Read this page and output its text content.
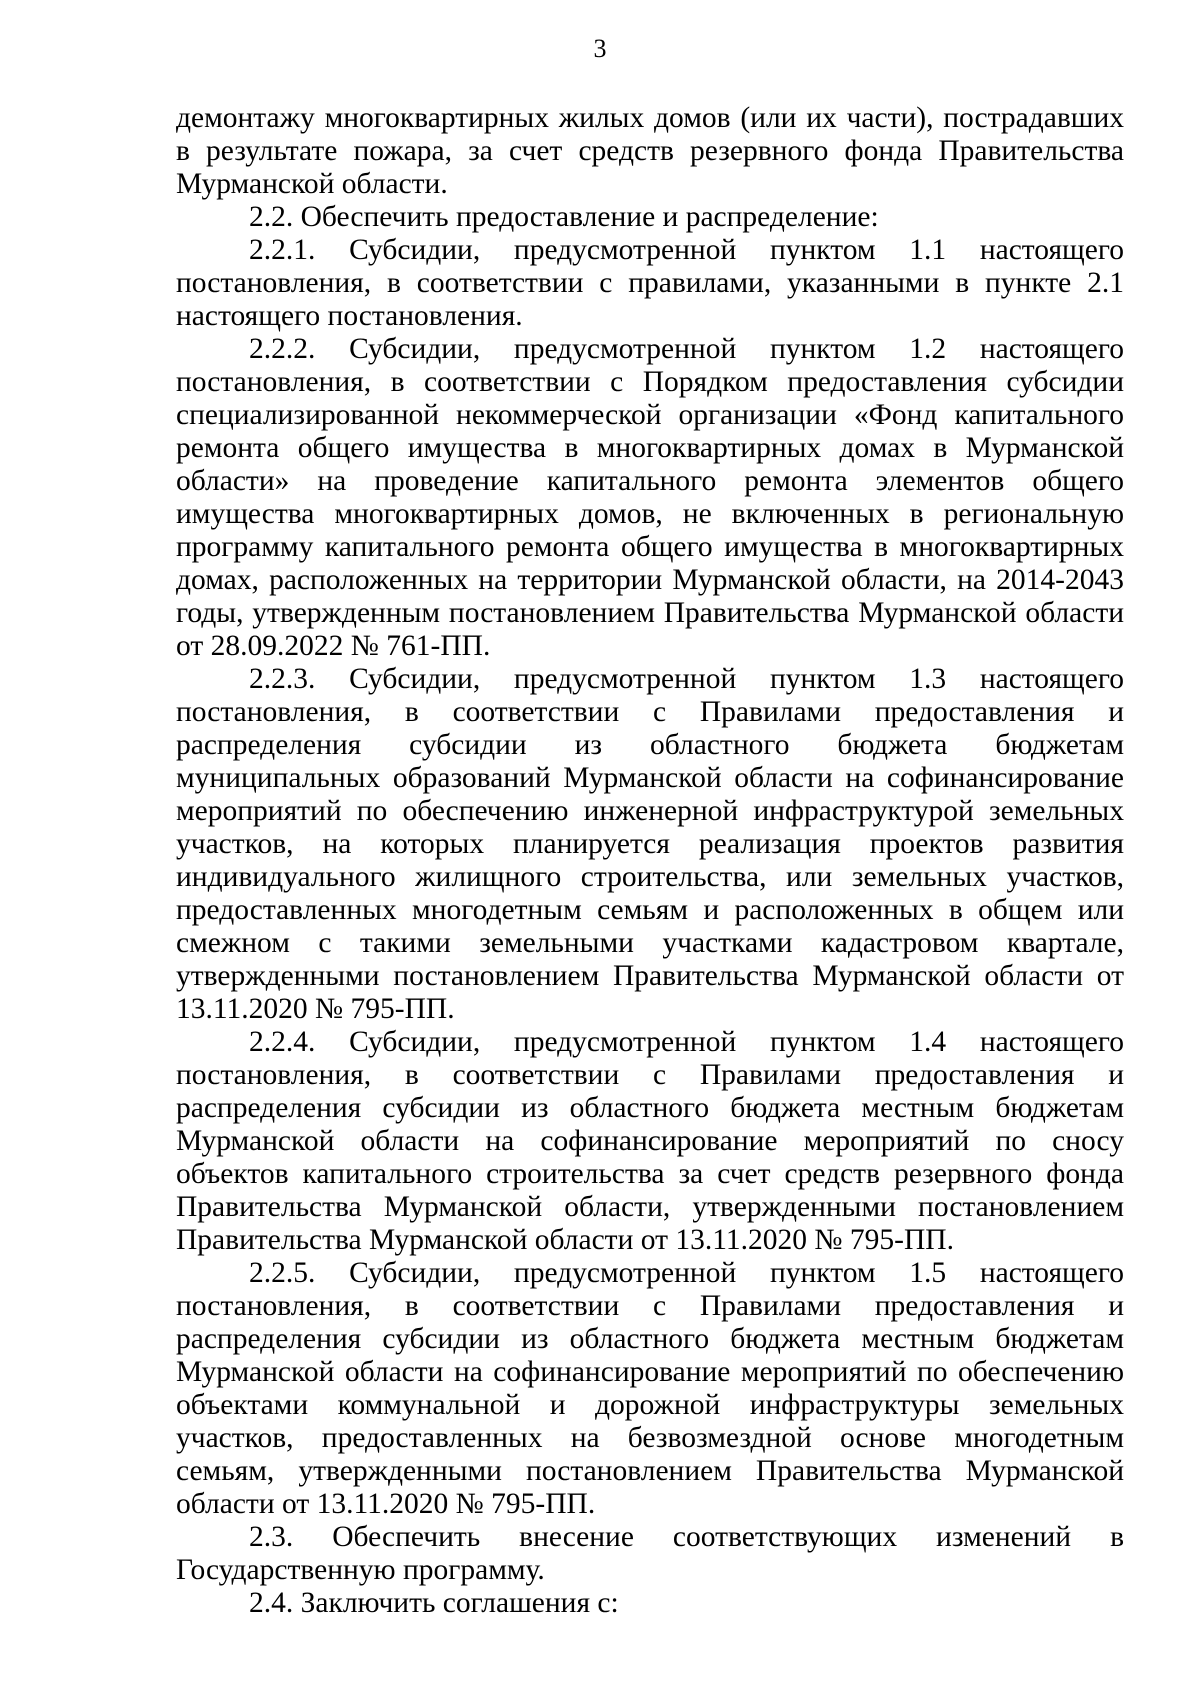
3

демонтажу многоквартирных жилых домов (или их части), пострадавших в результате пожара, за счет средств резервного фонда Правительства Мурманской области.

2.2. Обеспечить предоставление и распределение:

2.2.1. Субсидии, предусмотренной пунктом 1.1 настоящего постановления, в соответствии с правилами, указанными в пункте 2.1 настоящего постановления.

2.2.2. Субсидии, предусмотренной пунктом 1.2 настоящего постановления, в соответствии с Порядком предоставления субсидии специализированной некоммерческой организации «Фонд капитального ремонта общего имущества в многоквартирных домах в Мурманской области» на проведение капитального ремонта элементов общего имущества многоквартирных домов, не включенных в региональную программу капитального ремонта общего имущества в многоквартирных домах, расположенных на территории Мурманской области, на 2014-2043 годы, утвержденным постановлением Правительства Мурманской области от 28.09.2022 № 761-ПП.

2.2.3. Субсидии, предусмотренной пунктом 1.3 настоящего постановления, в соответствии с Правилами предоставления и распределения субсидии из областного бюджета бюджетам муниципальных образований Мурманской области на софинансирование мероприятий по обеспечению инженерной инфраструктурой земельных участков, на которых планируется реализация проектов развития индивидуального жилищного строительства, или земельных участков, предоставленных многодетным семьям и расположенных в общем или смежном с такими земельными участками кадастровом квартале, утвержденными постановлением Правительства Мурманской области от 13.11.2020 № 795-ПП.

2.2.4. Субсидии, предусмотренной пунктом 1.4 настоящего постановления, в соответствии с Правилами предоставления и распределения субсидии из областного бюджета местным бюджетам Мурманской области на софинансирование мероприятий по сносу объектов капитального строительства за счет средств резервного фонда Правительства Мурманской области, утвержденными постановлением Правительства Мурманской области от 13.11.2020 № 795-ПП.

2.2.5. Субсидии, предусмотренной пунктом 1.5 настоящего постановления, в соответствии с Правилами предоставления и распределения субсидии из областного бюджета местным бюджетам Мурманской области на софинансирование мероприятий по обеспечению объектами коммунальной и дорожной инфраструктуры земельных участков, предоставленных на безвозмездной основе многодетным семьям, утвержденными постановлением Правительства Мурманской области от 13.11.2020 № 795-ПП.

2.3. Обеспечить внесение соответствующих изменений в Государственную программу.

2.4. Заключить соглашения с:
